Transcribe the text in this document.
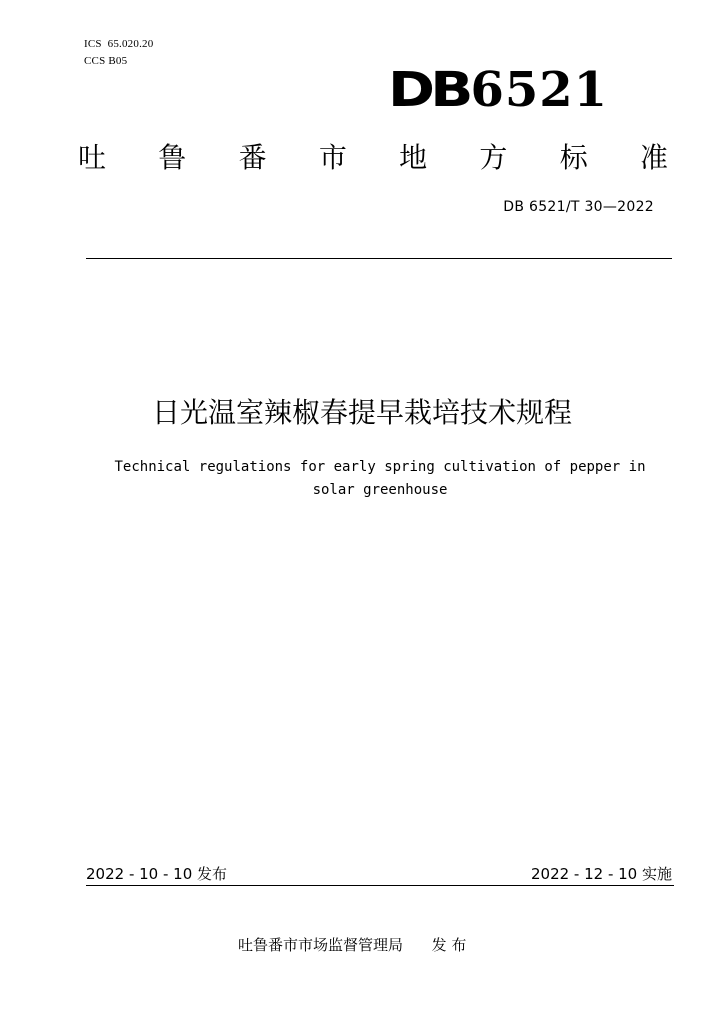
ICS  65.020.20
CCS B05
DB 6521
吐 鲁 番 市 地 方 标 准
DB 6521/T 30—2022
日光温室辣椒春提早栽培技术规程
Technical regulations for early spring cultivation of pepper in
solar greenhouse
2022 - 10 - 10 发布	2022 - 12 - 10 实施
吐鲁番市市场监督管理局 发 布
